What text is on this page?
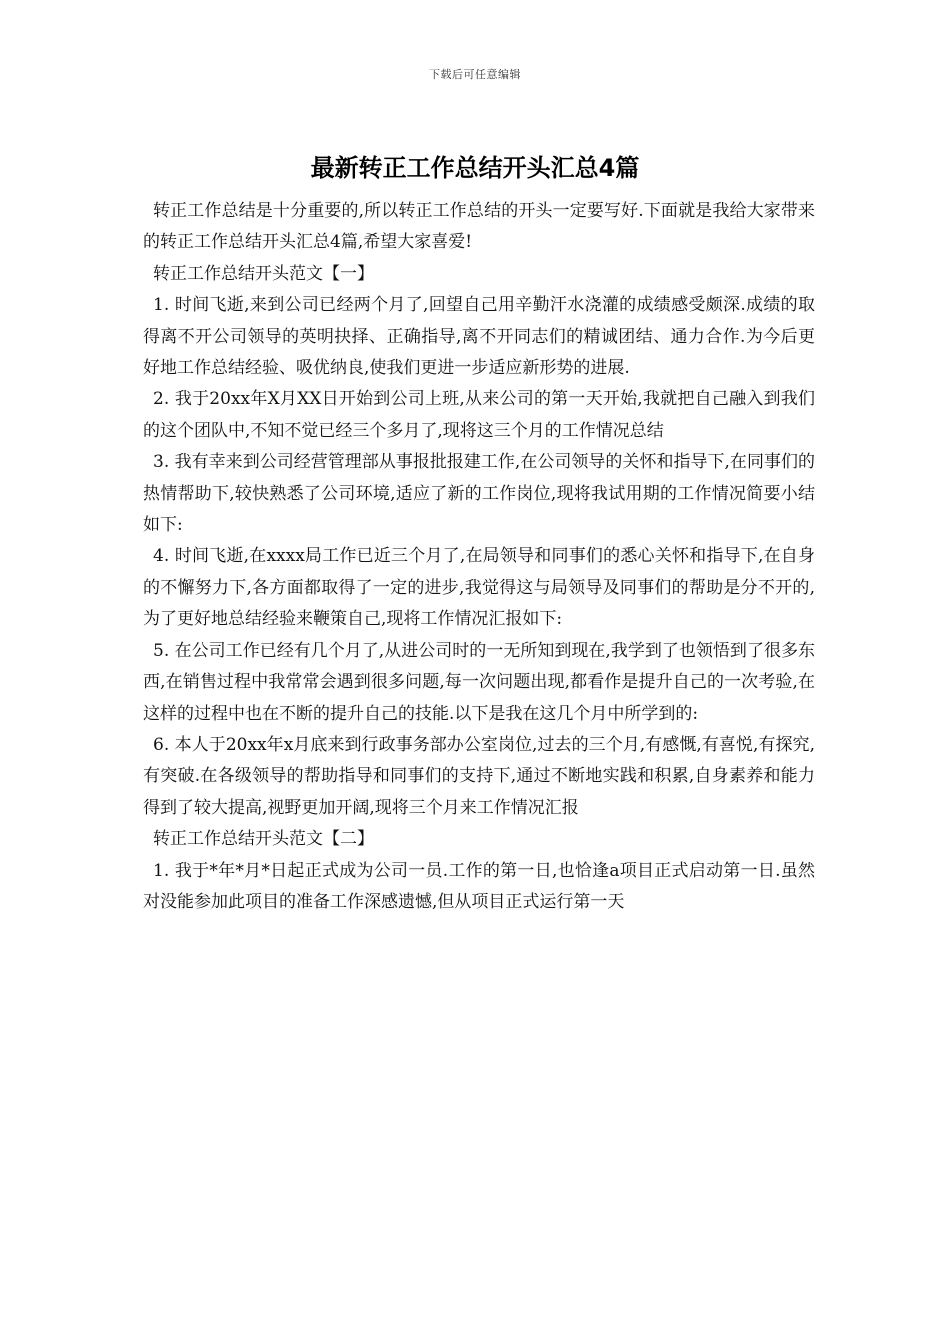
下载后可任意编辑
最新转正工作总结开头汇总4篇

转正工作总结是十分重要的,所以转正工作总结的开头一定要写好.下面就是我给大家带来的转正工作总结开头汇总4篇,希望大家喜爱!

转正工作总结开头范文【一】

1. 时间飞逝,来到公司已经两个月了,回望自己用辛勤汗水浇灌的成绩感受颇深.成绩的取得离不开公司领导的英明抉择、正确指导,离不开同志们的精诚团结、通力合作.为今后更好地工作总结经验、吸优纳良,使我们更进一步适应新形势的进展.

2. 我于20xx年X月XX日开始到公司上班,从来公司的第一天开始,我就把自己融入到我们的这个团队中,不知不觉已经三个多月了,现将这三个月的工作情况总结

3. 我有幸来到公司经营管理部从事报批报建工作,在公司领导的关怀和指导下,在同事们的热情帮助下,较快熟悉了公司环境,适应了新的工作岗位,现将我试用期的工作情况简要小结如下:

4. 时间飞逝,在xxxx局工作已近三个月了,在局领导和同事们的悉心关怀和指导下,在自身的不懈努力下,各方面都取得了一定的进步,我觉得这与局领导及同事们的帮助是分不开的,为了更好地总结经验来鞭策自己,现将工作情况汇报如下:

5. 在公司工作已经有几个月了,从进公司时的一无所知到现在,我学到了也领悟到了很多东西,在销售过程中我常常会遇到很多问题,每一次问题出现,都看作是提升自己的一次考验,在这样的过程中也在不断的提升自己的技能.以下是我在这几个月中所学到的:

6. 本人于20xx年x月底来到行政事务部办公室岗位,过去的三个月,有感慨,有喜悦,有探究,有突破.在各级领导的帮助指导和同事们的支持下,通过不断地实践和积累,自身素养和能力得到了较大提高,视野更加开阔,现将三个月来工作情况汇报

转正工作总结开头范文【二】

1. 我于*年*月*日起正式成为公司一员.工作的第一日,也恰逢a项目正式启动第一日.虽然对没能参加此项目的准备工作深感遗憾,但从项目正式运行第一天
